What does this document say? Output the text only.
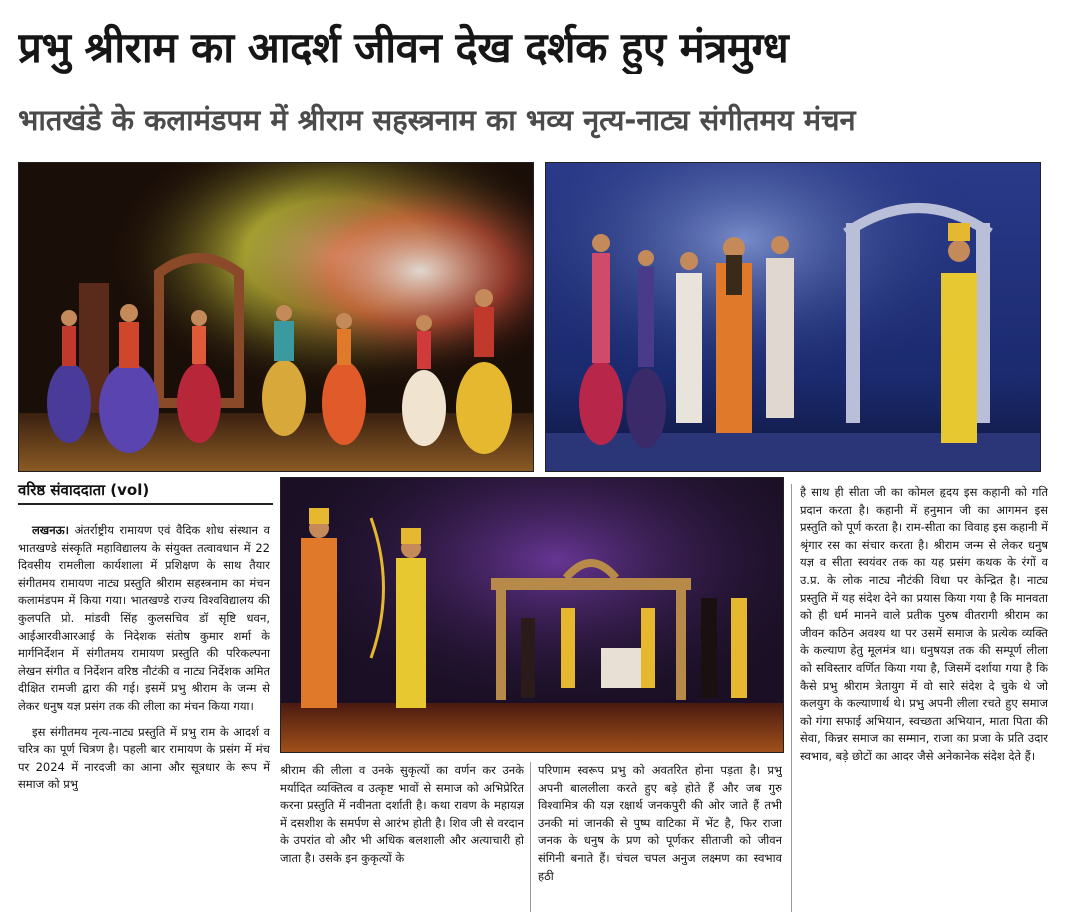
प्रभु श्रीराम का आदर्श जीवन देख दर्शक हुए मंत्रमुग्ध
भातखंडे के कलामंडपम में श्रीराम सहस्त्रनाम का भव्य नृत्य-नाट्य संगीतमय मंचन
वरिष्ठ संवाददाता (vol)

लखनऊ। अंतर्राष्ट्रीय रामायण एवं वैदिक शोध संस्थान व भातखण्डे संस्कृति महाविद्यालय के संयुक्त तत्वावधान में 22 दिवसीय रामलीला कार्यशाला में प्रशिक्षण के साथ तैयार संगीतमय रामायण नाट्य प्रस्तुति श्रीराम सहस्त्रनाम का मंचन कलामंडपम में किया गया। भातखण्डे राज्य विश्वविद्यालय की कुलपति प्रो. मांडवी सिंह कुलसचिव डॉ सृष्टि धवन, आईआरवीआरआई के निदेशक संतोष कुमार शर्मा के मार्गनिर्देशन में संगीतमय रामायण प्रस्तुति की परिकल्पना लेखन संगीत व निर्देशन वरिष्ठ नौटंकी व नाट्य निर्देशक अमित दीक्षित रामजी द्वारा की गई। इसमें प्रभु श्रीराम के जन्म से लेकर धनुष यज्ञ प्रसंग तक की लीला का मंचन किया गया।

इस संगीतमय नृत्य-नाट्य प्रस्तुति में प्रभु राम के आदर्श व चरित्र का पूर्ण चित्रण है। पहली बार रामायण के प्रसंग में मंच पर 2024 में नारदजी का आना और सूत्रधार के रूप में समाज को प्रभु

श्रीराम की लीला व उनके सुकृत्यों का वर्णन कर उनके मर्यादित व्यक्तित्व व उत्कृष्ट भावों से समाज को अभिप्रेरित करना प्रस्तुति में नवीनता दर्शाती है। कथा रावण के महायज्ञ में दसशीश के समर्पण से आरंभ होती है। शिव जी से वरदान के उपरांत वो और भी अधिक बलशाली और अत्याचारी हो जाता है। उसके इन कुकृत्यों के

परिणाम स्वरूप प्रभु को अवतरित होना पड़ता है। प्रभु अपनी बाललीला करते हुए बड़े होते हैं और जब गुरु विश्वामित्र की यज्ञ रक्षार्थ जनकपुरी की ओर जाते हैं तभी उनकी मां जानकी से पुष्प वाटिका में भेंट है, फिर राजा जनक के धनुष के प्रण को पूर्णकर सीताजी को जीवन संगिनी बनाते हैं। चंचल चपल अनुज लक्ष्मण का स्वभाव हठी

है साथ ही सीता जी का कोमल हृदय इस कहानी को गति प्रदान करता है। कहानी में हनुमान जी का आगमन इस प्रस्तुति को पूर्ण करता है। राम-सीता का विवाह इस कहानी में श्रृंगार रस का संचार करता है। श्रीराम जन्म से लेकर धनुष यज्ञ व सीता स्वयंवर तक का यह प्रसंग कथक के रंगों व उ.प्र. के लोक नाट्य नौटंकी विधा पर केन्द्रित है। नाट्य प्रस्तुति में यह संदेश देने का प्रयास किया गया है कि मानवता को ही धर्म मानने वाले प्रतीक पुरुष वीतरागी श्रीराम का जीवन कठिन अवश्य था पर उसमें समाज के प्रत्येक व्यक्ति के कल्याण हेतु मूलमंत्र था। धनुषयज्ञ तक की सम्पूर्ण लीला को सविस्तार वर्णित किया गया है, जिसमें दर्शाया गया है कि कैसे प्रभु श्रीराम त्रेतायुग में वो सारे संदेश दे चुके थे जो कलयुग के कल्याणार्थ थे। प्रभु अपनी लीला रचते हुए समाज को गंगा सफाई अभियान, स्वच्छता अभियान, माता पिता की सेवा, किन्नर समाज का सम्मान, राजा का प्रजा के प्रति उदार स्वभाव, बड़े छोटों का आदर जैसे अनेकानेक संदेश देते हैं।
